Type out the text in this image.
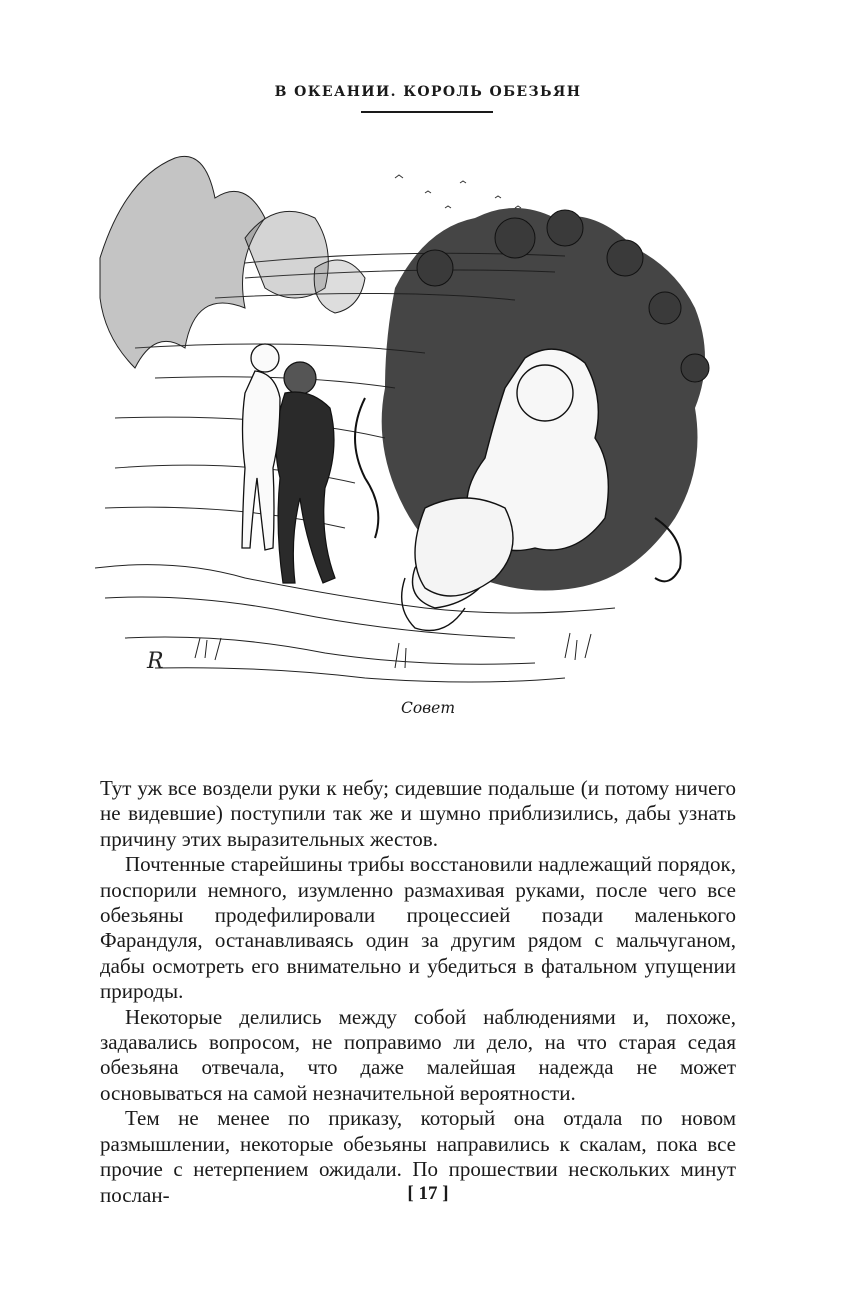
В ОКЕАНИИ. КОРОЛЬ ОБЕЗЬЯН
R
Совет

Тут уж все воздели руки к небу; сидевшие подальше (и потому ничего не видевшие) поступили так же и шумно приблизились, дабы узнать причину этих выразительных жестов.

Почтенные старейшины трибы восстановили надлежащий порядок, поспорили немного, изумленно размахивая руками, после чего все обезьяны продефилировали процессией позади маленького Фарандуля, останавливаясь один за другим рядом с мальчуганом, дабы осмотреть его внимательно и убедиться в фатальном упущении природы.

Некоторые делились между собой наблюдениями и, похоже, задавались вопросом, не поправимо ли дело, на что старая седая обезьяна отвечала, что даже малейшая надежда не может основываться на самой незначительной вероятности.

Тем не менее по приказу, который она отдала по новом размышлении, некоторые обезьяны направились к скалам, пока все прочие с нетерпением ожидали. По прошествии нескольких минут послан-	[ 17 ]
